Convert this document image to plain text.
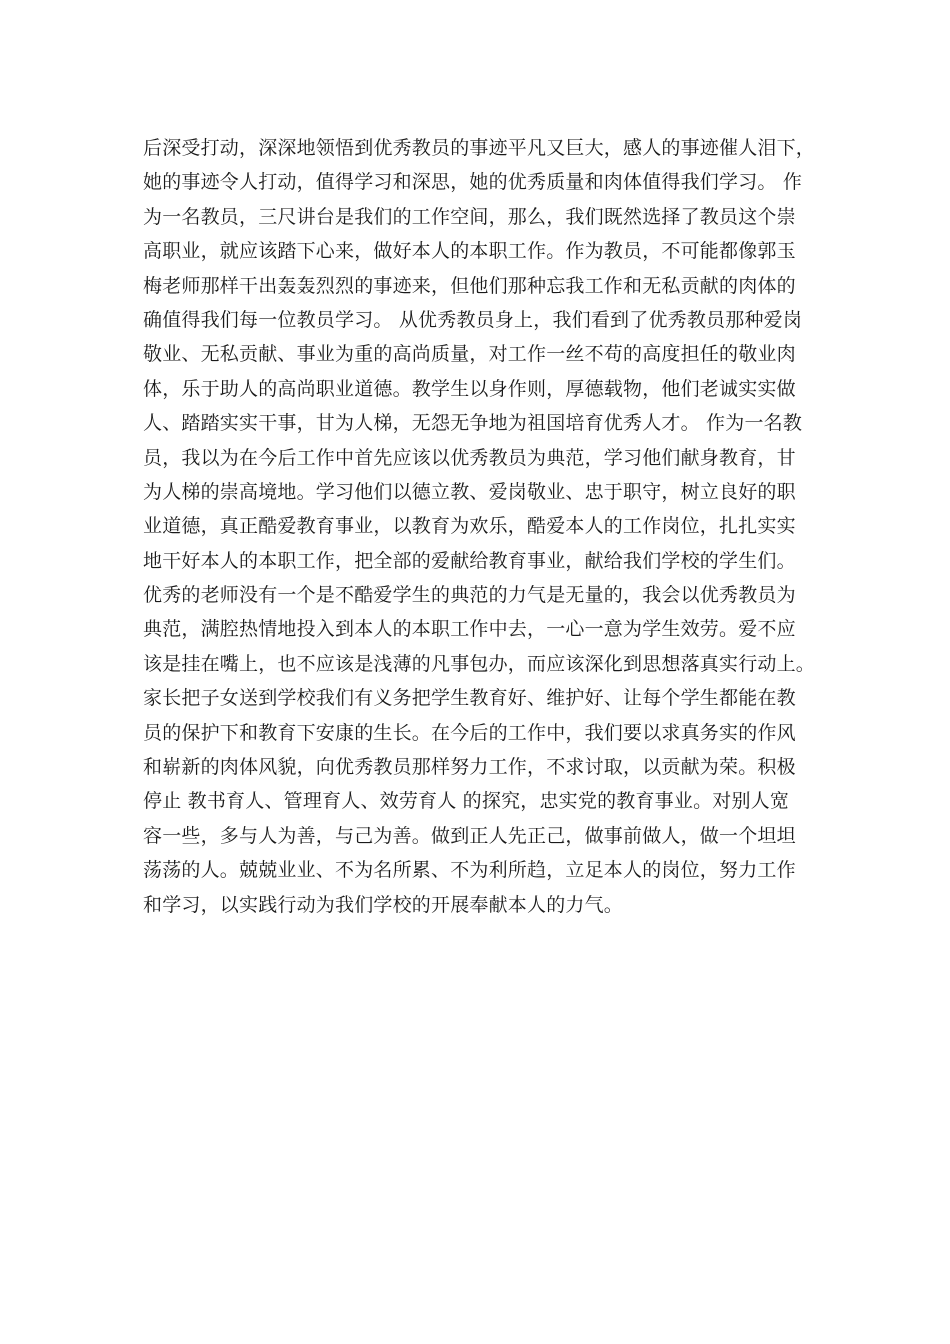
后深受打动，深深地领悟到优秀教员的事迹平凡又巨大，感人的事迹催人泪下，
她的事迹令人打动，值得学习和深思，她的优秀质量和肉体值得我们学习。 作
为一名教员，三尺讲台是我们的工作空间，那么，我们既然选择了教员这个崇
高职业，就应该踏下心来，做好本人的本职工作。作为教员，不可能都像郭玉
梅老师那样干出轰轰烈烈的事迹来，但他们那种忘我工作和无私贡献的肉体的
确值得我们每一位教员学习。 从优秀教员身上，我们看到了优秀教员那种爱岗
敬业、无私贡献、事业为重的高尚质量，对工作一丝不苟的高度担任的敬业肉
体，乐于助人的高尚职业道德。教学生以身作则，厚德载物，他们老诚实实做
人、踏踏实实干事，甘为人梯，无怨无争地为祖国培育优秀人才。 作为一名教
员，我以为在今后工作中首先应该以优秀教员为典范，学习他们献身教育，甘
为人梯的崇高境地。学习他们以德立教、爱岗敬业、忠于职守，树立良好的职
业道德，真正酷爱教育事业，以教育为欢乐，酷爱本人的工作岗位，扎扎实实
地干好本人的本职工作，把全部的爱献给教育事业，献给我们学校的学生们。
优秀的老师没有一个是不酷爱学生的典范的力气是无量的，我会以优秀教员为
典范，满腔热情地投入到本人的本职工作中去，一心一意为学生效劳。爱不应
该是挂在嘴上，也不应该是浅薄的凡事包办，而应该深化到思想落真实行动上。
家长把子女送到学校我们有义务把学生教育好、维护好、让每个学生都能在教
员的保护下和教育下安康的生长。在今后的工作中，我们要以求真务实的作风
和崭新的肉体风貌，向优秀教员那样努力工作，不求讨取，以贡献为荣。积极
停止 教书育人、管理育人、效劳育人 的探究，忠实党的教育事业。对别人宽
容一些，多与人为善，与己为善。做到正人先正己，做事前做人，做一个坦坦
荡荡的人。兢兢业业、不为名所累、不为利所趋，立足本人的岗位，努力工作
和学习，以实践行动为我们学校的开展奉献本人的力气。
